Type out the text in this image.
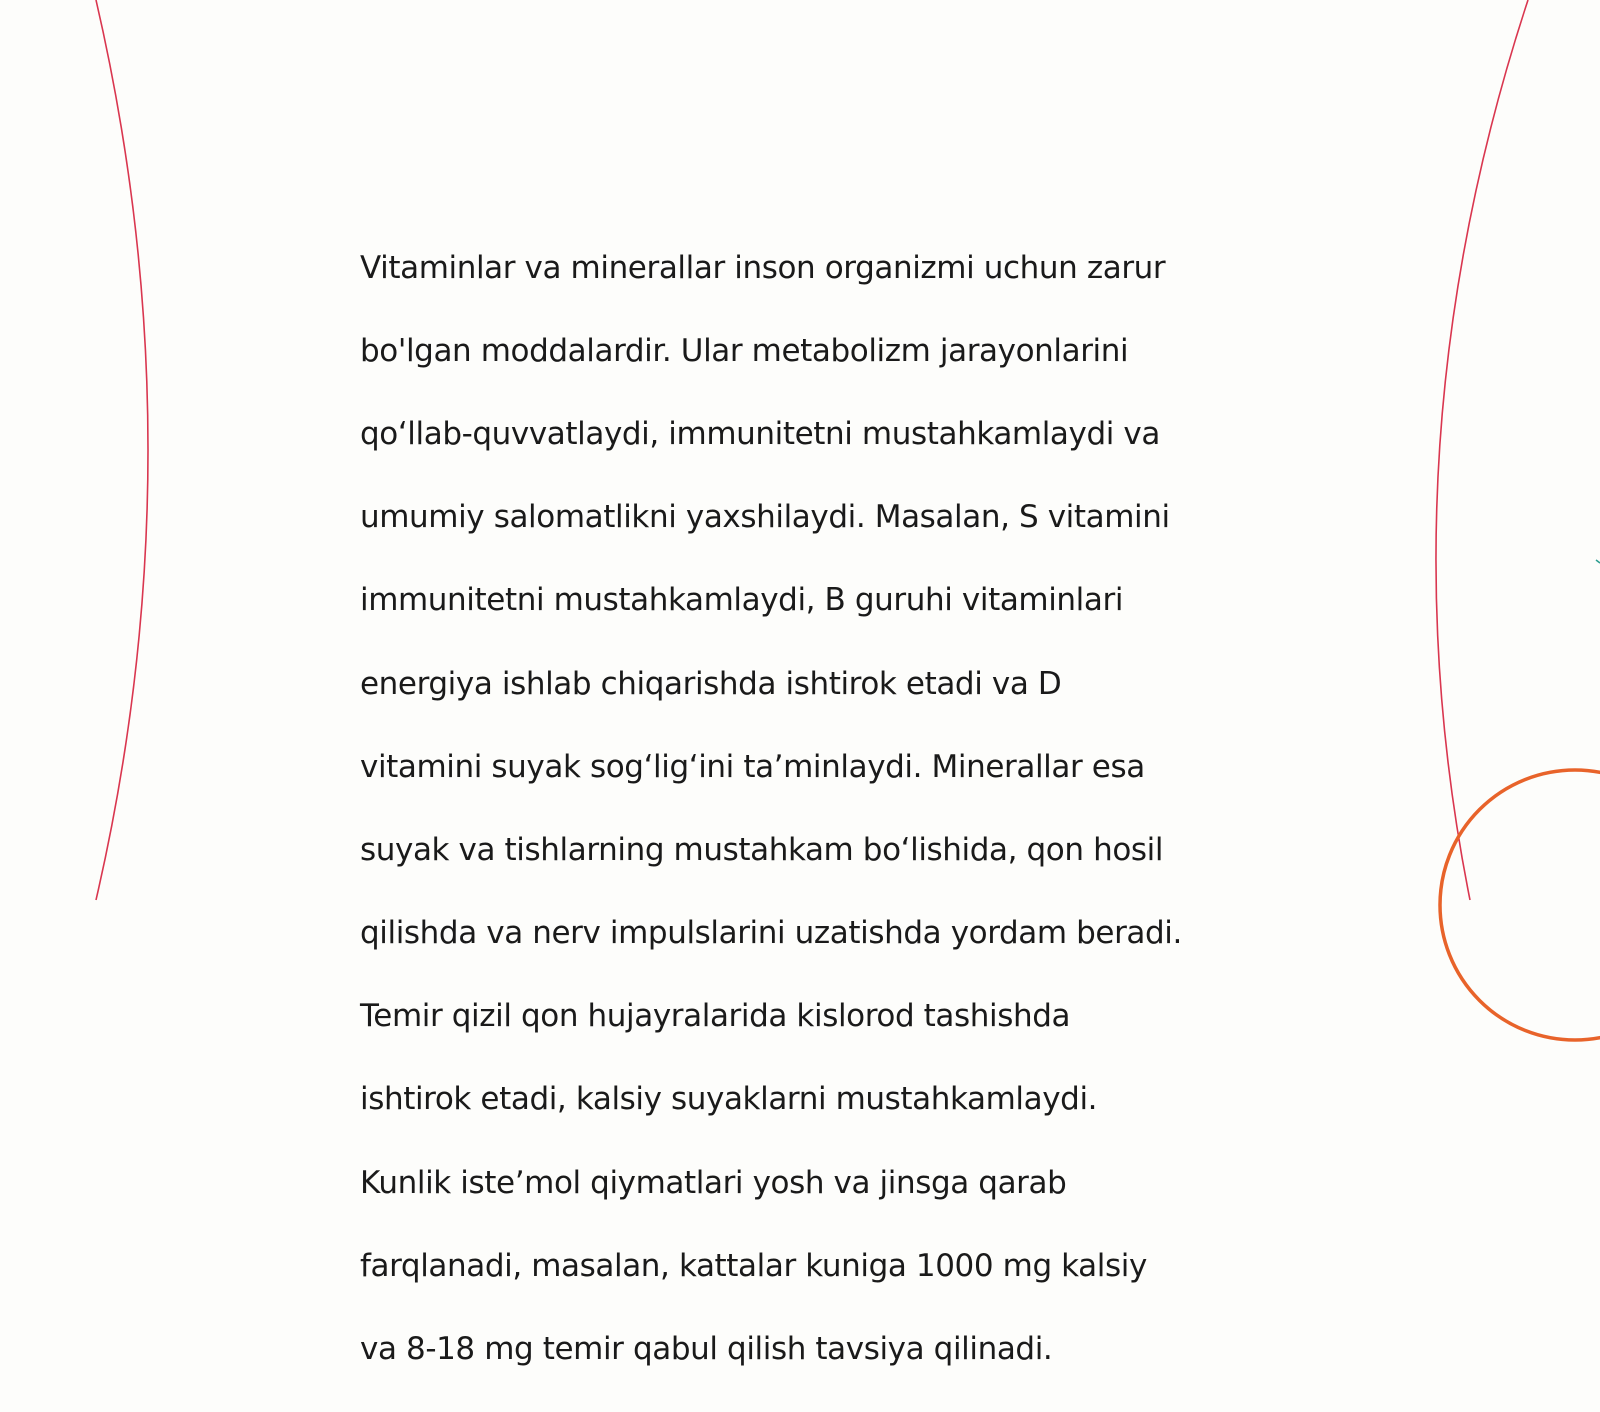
Vitaminlar va minerallar inson organizmi uchun zarur

bo'lgan moddalardir. Ular metabolizm jarayonlarini

qo‘llab-quvvatlaydi, immunitetni mustahkamlaydi va

umumiy salomatlikni yaxshilaydi. Masalan, S vitamini

immunitetni mustahkamlaydi, B guruhi vitaminlari

energiya ishlab chiqarishda ishtirok etadi va D

vitamini suyak sog‘lig‘ini ta’minlaydi. Minerallar esa

suyak va tishlarning mustahkam bo‘lishida, qon hosil

qilishda va nerv impulslarini uzatishda yordam beradi.

Temir qizil qon hujayralarida kislorod tashishda

ishtirok etadi, kalsiy suyaklarni mustahkamlaydi.

Kunlik iste’mol qiymatlari yosh va jinsga qarab

farqlanadi, masalan, kattalar kuniga 1000 mg kalsiy

va 8-18 mg temir qabul qilish tavsiya qilinadi.
